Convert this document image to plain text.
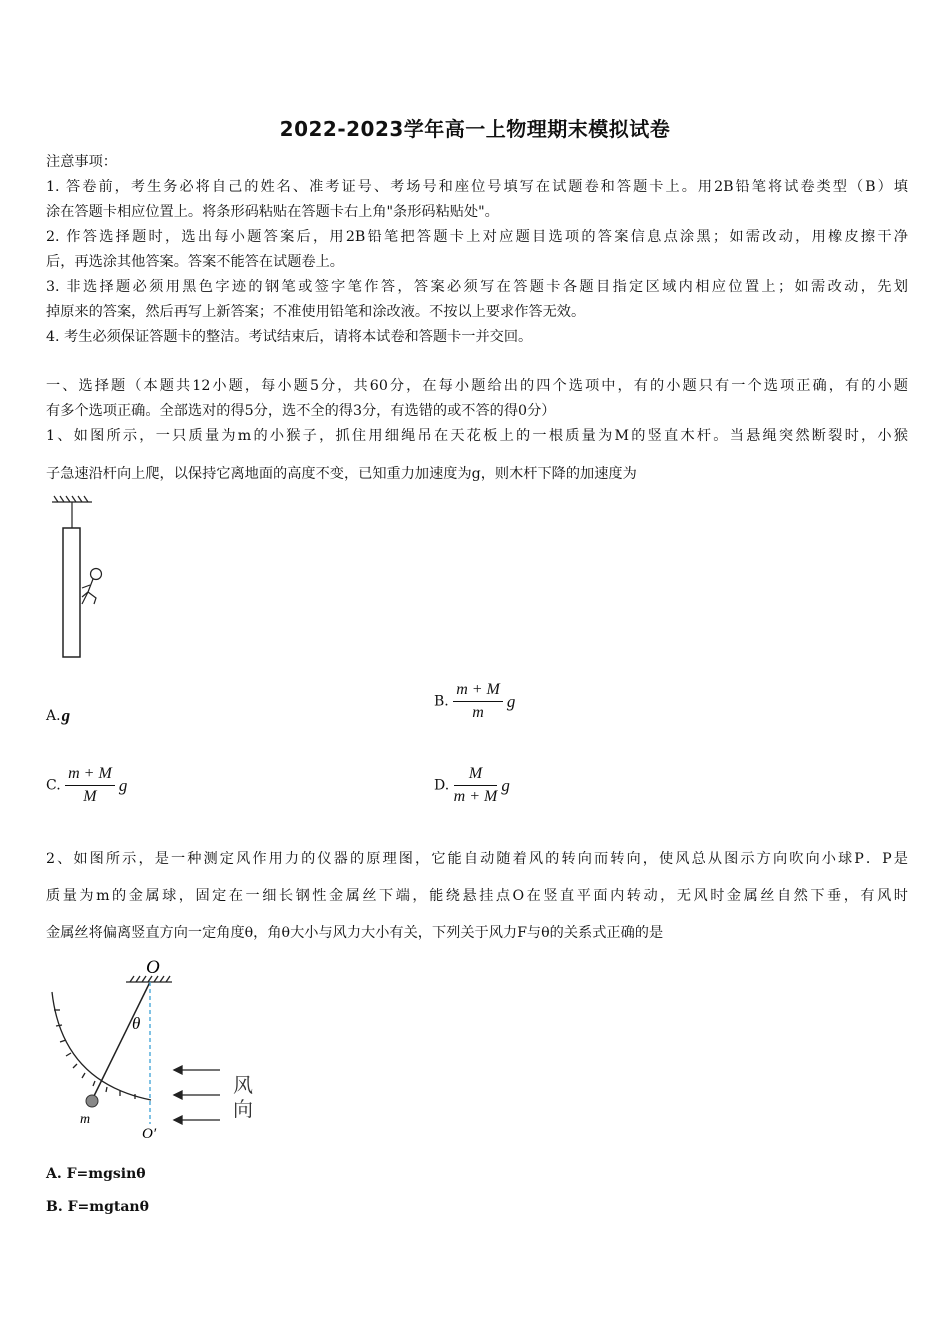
2022-2023学年高一上物理期末模拟试卷
注意事项：
1. 答卷前，考生务必将自己的姓名、准考证号、考场号和座位号填写在试题卷和答题卡上。用2B铅笔将试卷类型（B）填
涂在答题卡相应位置上。将条形码粘贴在答题卡右上角"条形码粘贴处"。
2. 作答选择题时，选出每小题答案后，用2B铅笔把答题卡上对应题目选项的答案信息点涂黑；如需改动，用橡皮擦干净
后，再选涂其他答案。答案不能答在试题卷上。
3. 非选择题必须用黑色字迹的钢笔或签字笔作答，答案必须写在答题卡各题目指定区域内相应位置上；如需改动，先划
掉原来的答案，然后再写上新答案；不准使用铅笔和涂改液。不按以上要求作答无效。
4. 考生必须保证答题卡的整洁。考试结束后，请将本试卷和答题卡一并交回。
一、选择题（本题共12小题，每小题5分，共60分，在每小题给出的四个选项中，有的小题只有一个选项正确，有的小题
有多个选项正确。全部选对的得5分，选不全的得3分，有选错的或不答的得0分）
1、如图所示，一只质量为m的小猴子，抓住用细绳吊在天花板上的一根质量为M的竖直木杆。当悬绳突然断裂时，小猴
子急速沿杆向上爬，以保持它离地面的高度不变，已知重力加速度为g，则木杆下降的加速度为
A.g
B. $\frac{m + M}{m}$ g
C. $\frac{m + M}{M}$ g	D. $\frac{M}{m + M}$ g
2、如图所示，是一种测定风作用力的仪器的原理图，它能自动随着风的转向而转向，使风总从图示方向吹向小球P．P是
质量为m的金属球，固定在一细长钢性金属丝下端，能绕悬挂点O在竖直平面内转动，无风时金属丝自然下垂，有风时
金属丝将偏离竖直方向一定角度θ，角θ大小与风力大小有关，下列关于风力F与θ的关系式正确的是
O
θ
m
O′
风
向
A. F=mgsinθ
B. F=mgtanθ
